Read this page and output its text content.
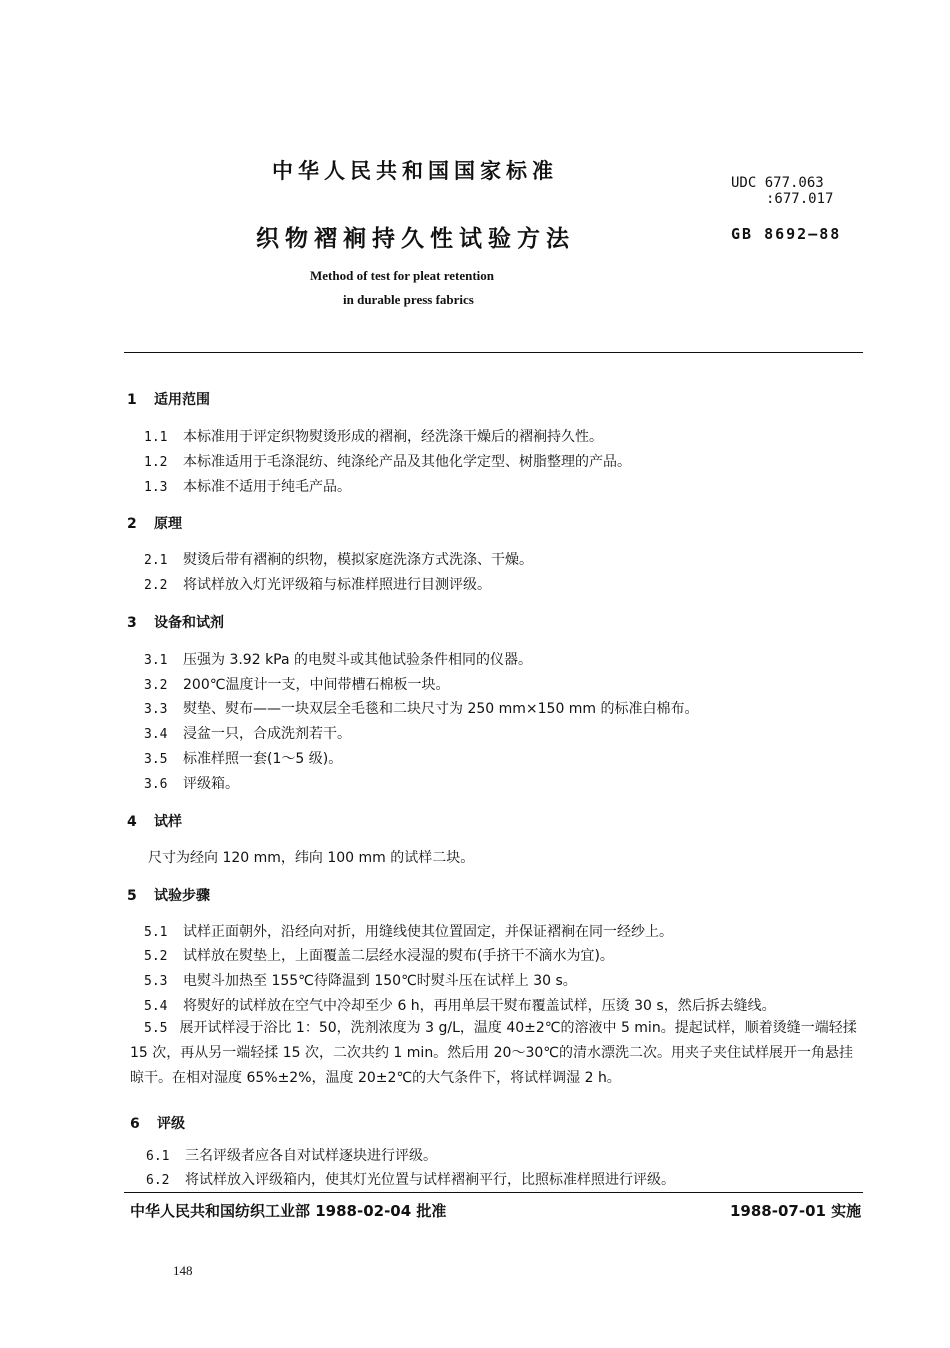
中华人民共和国国家标准	UDC 677.063
:677.017
织物褶裥持久性试验方法	GB 8692—88
Method of test for pleat retention
in durable press fabrics
1 适用范围
1.1 本标准用于评定织物熨烫形成的褶裥，经洗涤干燥后的褶裥持久性。
1.2 本标准适用于毛涤混纺、纯涤纶产品及其他化学定型、树脂整理的产品。
1.3 本标准不适用于纯毛产品。
2 原理
2.1 熨烫后带有褶裥的织物，模拟家庭洗涤方式洗涤、干燥。
2.2 将试样放入灯光评级箱与标准样照进行目测评级。
3 设备和试剂
3.1 压强为 3.92 kPa 的电熨斗或其他试验条件相同的仪器。
3.2 200℃温度计一支，中间带槽石棉板一块。
3.3 熨垫、熨布——一块双层全毛毯和二块尺寸为 250 mm×150 mm 的标准白棉布。
3.4 浸盆一只，合成洗剂若干。
3.5 标准样照一套(1～5 级)。
3.6 评级箱。
4 试样
尺寸为经向 120 mm，纬向 100 mm 的试样二块。
5 试验步骤
5.1 试样正面朝外，沿经向对折，用缝线使其位置固定，并保证褶裥在同一经纱上。
5.2 试样放在熨垫上，上面覆盖二层经水浸湿的熨布(手挤干不滴水为宜)。
5.3 电熨斗加热至 155℃待降温到 150℃时熨斗压在试样上 30 s。
5.4 将熨好的试样放在空气中冷却至少 6 h，再用单层干熨布覆盖试样，压烫 30 s，然后拆去缝线。
5.5 展开试样浸于浴比 1：50，洗剂浓度为 3 g/L，温度 40±2℃的溶液中 5 min。提起试样，顺着烫缝一端轻揉 15 次，再从另一端轻揉 15 次，二次共约 1 min。然后用 20～30℃的清水漂洗二次。用夹子夹住试样展开一角悬挂晾干。在相对湿度 65%±2%，温度 20±2℃的大气条件下，将试样调湿 2 h。
6 评级
6.1 三名评级者应各自对试样逐块进行评级。
6.2 将试样放入评级箱内，使其灯光位置与试样褶裥平行，比照标准样照进行评级。
中华人民共和国纺织工业部 1988-02-04 批准	1988-07-01 实施
148
